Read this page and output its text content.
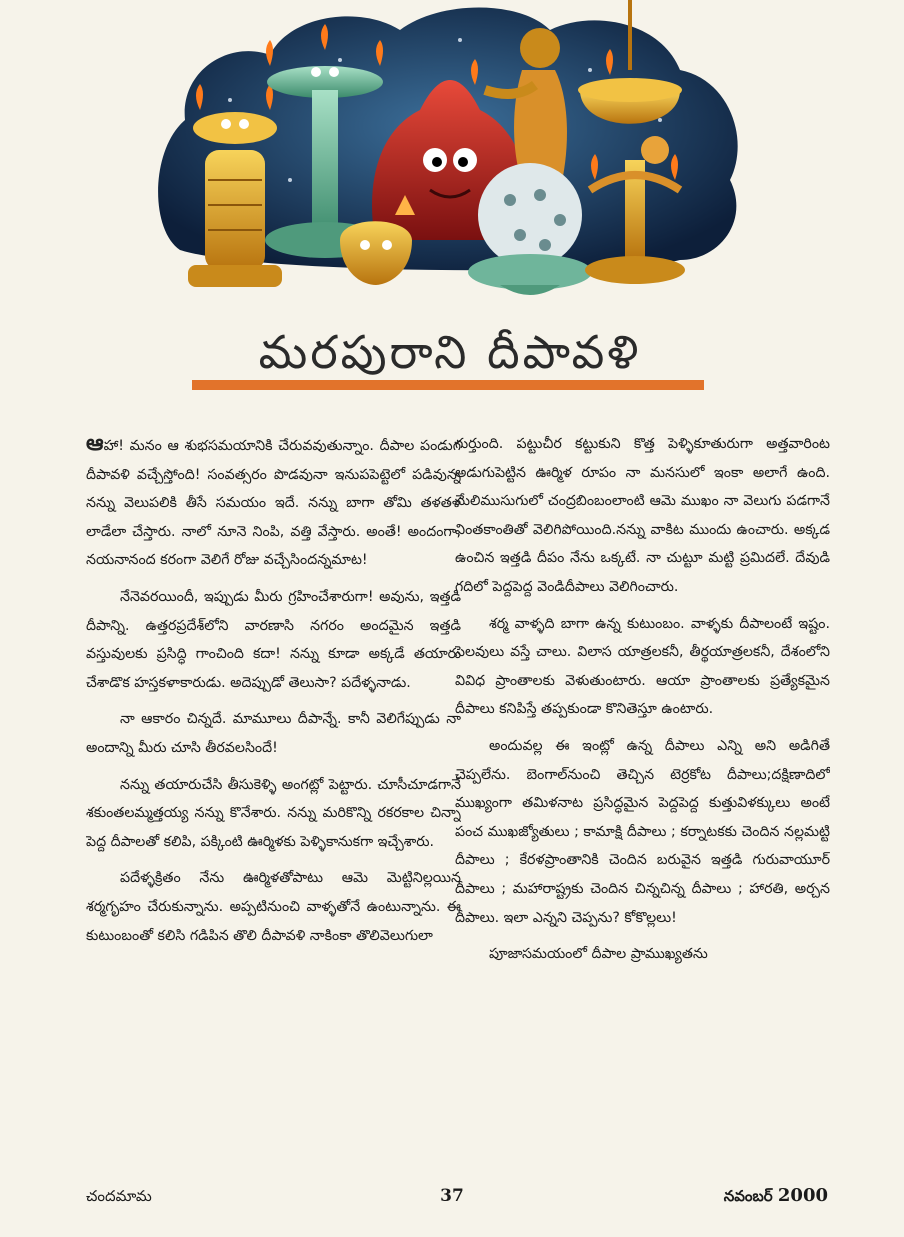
మరపురాని దీపావళి

ఆహా! మనం ఆ శుభసమయానికి చేరువవుతున్నాం. దీపాల పండుగ దీపావళి వచ్చేస్తోంది! సంవత్సరం పొడవునా ఇనుపపెట్టెలో పడివున్న నన్ను వెలుపలికి తీసే సమయం ఇదే. నన్ను బాగా తోమి తళతళ లాడేలా చేస్తారు. నాలో నూనె నింపి, వత్తి వేస్తారు. అంతే! అందంగా, నయనానంద కరంగా వెలిగే రోజు వచ్చేసిందన్నమాట!

నేనెవరయిందీ, ఇప్పుడు మీరు గ్రహించేశారుగా! అవును, ఇత్తడి దీపాన్ని. ఉత్తరప్రదేశ్‌లోని వారణాసి నగరం అందమైన ఇత్తడి వస్తువులకు ప్రసిద్ధి గాంచింది కదా! నన్ను కూడా అక్కడే తయారు చేశాడొక హస్తకళాకారుడు. అదెప్పుడో తెలుసా? పదేళ్ళనాడు.

నా ఆకారం చిన్నదే. మామూలు దీపాన్నే. కానీ వెలిగేప్పుడు నా అందాన్ని మీరు చూసి తీరవలసిందే!

నన్ను తయారుచేసి తీసుకెళ్ళి అంగట్లో పెట్టారు. చూసీచూడగానే శకుంతలమ్మత్తయ్య నన్ను కొనేశారు. నన్ను మరికొన్ని రకరకాల చిన్నా పెద్ద దీపాలతో కలిపి, పక్కింటి ఊర్మిళకు పెళ్ళికానుకగా ఇచ్చేశారు.

పదేళ్ళక్రితం నేను ఊర్మిళతోపాటు ఆమె మెట్టినిల్లయిన శర్మగృహం చేరుకున్నాను. అప్పటినుంచి వాళ్ళతోనే ఉంటున్నాను. ఈ కుటుంబంతో కలిసి గడిపిన తొలి దీపావళి నాకింకా తొలివెలుగులా

గుర్తుంది. పట్టుచీర కట్టుకుని కొత్త పెళ్ళికూతురుగా అత్తవారింట అడుగుపెట్టిన ఊర్మిళ రూపం నా మనసులో ఇంకా అలాగే ఉంది. మేలిముసుగులో చంద్రబింబంలాంటి ఆమె ముఖం నా వెలుగు పడగానే వింతకాంతితో వెలిగిపోయింది.నన్ను వాకిట ముందు ఉంచారు. అక్కడ ఉంచిన ఇత్తడి దీపం నేను ఒక్కటే. నా చుట్టూ మట్టి ప్రమిదలే. దేవుడి గదిలో పెద్దపెద్ద వెండిదీపాలు వెలిగించారు.

శర్మ వాళ్ళది బాగా ఉన్న కుటుంబం. వాళ్ళకు దీపాలంటే ఇష్టం. సెలవులు వస్తే చాలు. విలాస యాత్రలకనీ, తీర్థయాత్రలకనీ, దేశంలోని వివిధ ప్రాంతాలకు వెళుతుంటారు. ఆయా ప్రాంతాలకు ప్రత్యేకమైన దీపాలు కనిపిస్తే తప్పకుండా కొనితెస్తూ ఉంటారు.

అందువల్ల ఈ ఇంట్లో ఉన్న దీపాలు ఎన్ని అని అడిగితే చెప్పలేను. బెంగాల్‌నుంచి తెచ్చిన టెర్రకోట దీపాలు;దక్షిణాదిలో ముఖ్యంగా తమిళనాట ప్రసిద్ధమైన పెద్దపెద్ద కుత్తువిళక్కులు అంటే పంచ ముఖజ్యోతులు ; కామాక్షి దీపాలు ; కర్నాటకకు చెందిన నల్లమట్టి దీపాలు ; కేరళప్రాంతానికి చెందిన బరువైన ఇత్తడి గురువాయూర్ దీపాలు ; మహారాష్ట్రకు చెందిన చిన్నచిన్న దీపాలు ; హారతి, అర్చన దీపాలు. ఇలా ఎన్నని చెప్పను? కోకొల్లలు!

పూజాసమయంలో దీపాల ప్రాముఖ్యతను

చందమామ	37	నవంబర్ 2000
